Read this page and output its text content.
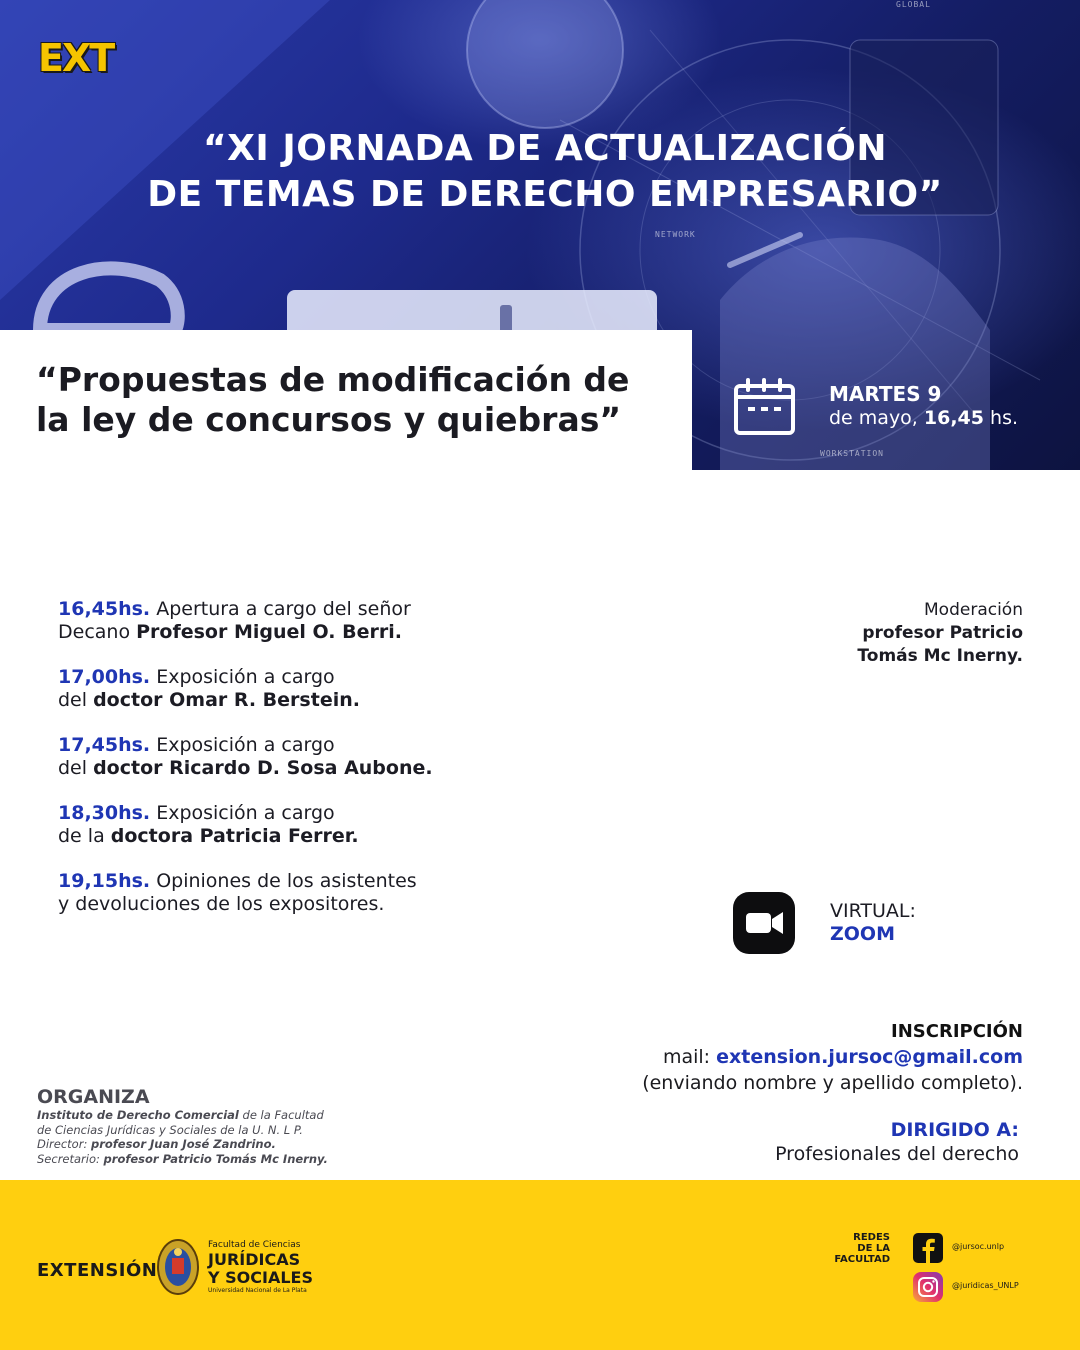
EXT
GLOBAL
NETWORK
WORKSTATION
“XI JORNADA DE ACTUALIZACIÓN
DE TEMAS DE DERECHO EMPRESARIO”
“Propuestas de modificación de
la ley de concursos y quiebras”
MARTES 9
de mayo, 16,45 hs.
16,45hs. Apertura a cargo del señor
Decano Profesor Miguel O. Berri.
17,00hs. Exposición a cargo
del doctor Omar R. Berstein.
17,45hs. Exposición a cargo
del doctor Ricardo D. Sosa Aubone.
18,30hs. Exposición a cargo
de la doctora Patricia Ferrer.
19,15hs. Opiniones de los asistentes
y devoluciones de los expositores.
Moderación
profesor Patricio
Tomás Mc Inerny.
VIRTUAL:
ZOOM
INSCRIPCIÓN
mail: extension.jursoc@gmail.com
(enviando nombre y apellido completo).
DIRIGIDO A:
Profesionales del derecho
ORGANIZA
Instituto de Derecho Comercial de la Facultad
de Ciencias Jurídicas y Sociales de la U. N. L P.
Director: profesor Juan José Zandrino.
Secretario: profesor Patricio Tomás Mc Inerny.
EXTENSIÓN
Facultad de Ciencias
JURÍDICAS
Y SOCIALES
Universidad Nacional de La Plata
REDES
DE LA
FACULTAD
@jursoc.unlp
@juridicas_UNLP
